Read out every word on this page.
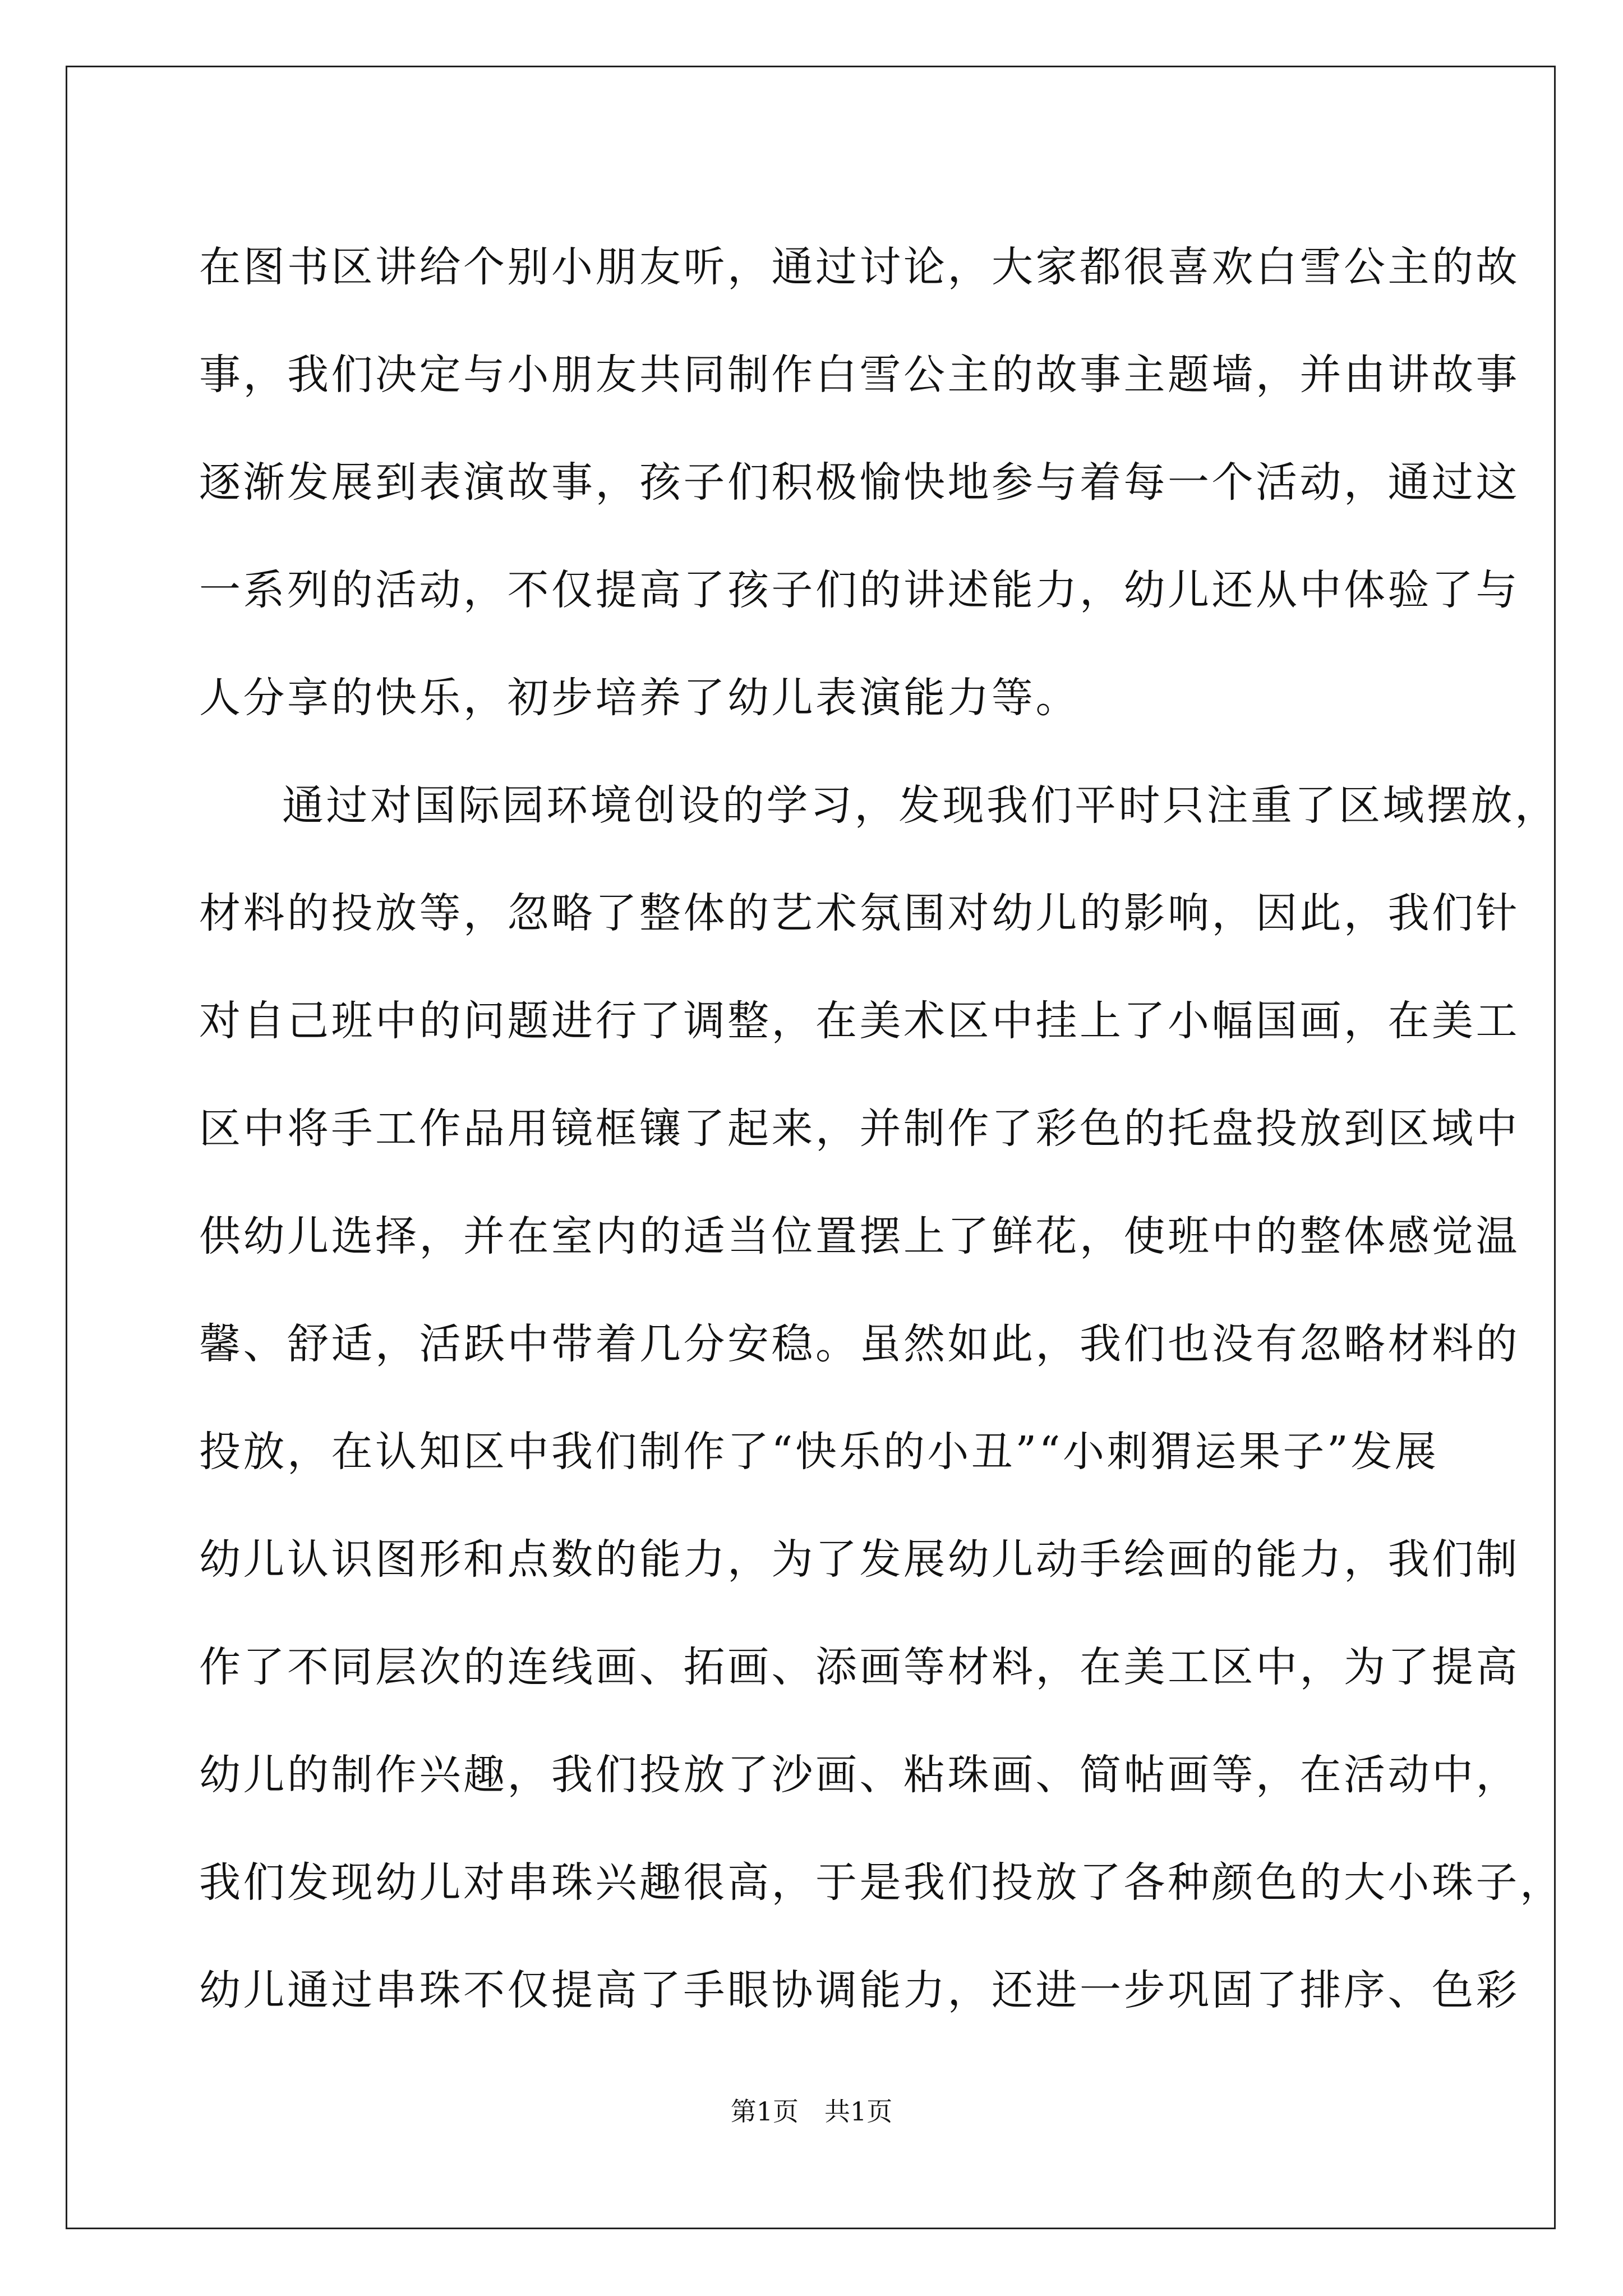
在图书区讲给个别小朋友听，通过讨论，大家都很喜欢白雪公主的故
事，我们决定与小朋友共同制作白雪公主的故事主题墙，并由讲故事
逐渐发展到表演故事，孩子们积极愉快地参与着每一个活动，通过这
一系列的活动，不仅提高了孩子们的讲述能力，幼儿还从中体验了与
人分享的快乐，初步培养了幼儿表演能力等。
通过对国际园环境创设的学习，发现我们平时只注重了区域摆放，
材料的投放等，忽略了整体的艺术氛围对幼儿的影响，因此，我们针
对自己班中的问题进行了调整，在美术区中挂上了小幅国画，在美工
区中将手工作品用镜框镶了起来，并制作了彩色的托盘投放到区域中
供幼儿选择，并在室内的适当位置摆上了鲜花，使班中的整体感觉温
馨、舒适，活跃中带着几分安稳。虽然如此，我们也没有忽略材料的
投放，在认知区中我们制作了“快乐的小丑”“小刺猬运果子”发展
幼儿认识图形和点数的能力，为了发展幼儿动手绘画的能力，我们制
作了不同层次的连线画、拓画、添画等材料，在美工区中，为了提高
幼儿的制作兴趣，我们投放了沙画、粘珠画、简帖画等，在活动中，
我们发现幼儿对串珠兴趣很高，于是我们投放了各种颜色的大小珠子，
幼儿通过串珠不仅提高了手眼协调能力，还进一步巩固了排序、色彩
第1页 共1页
